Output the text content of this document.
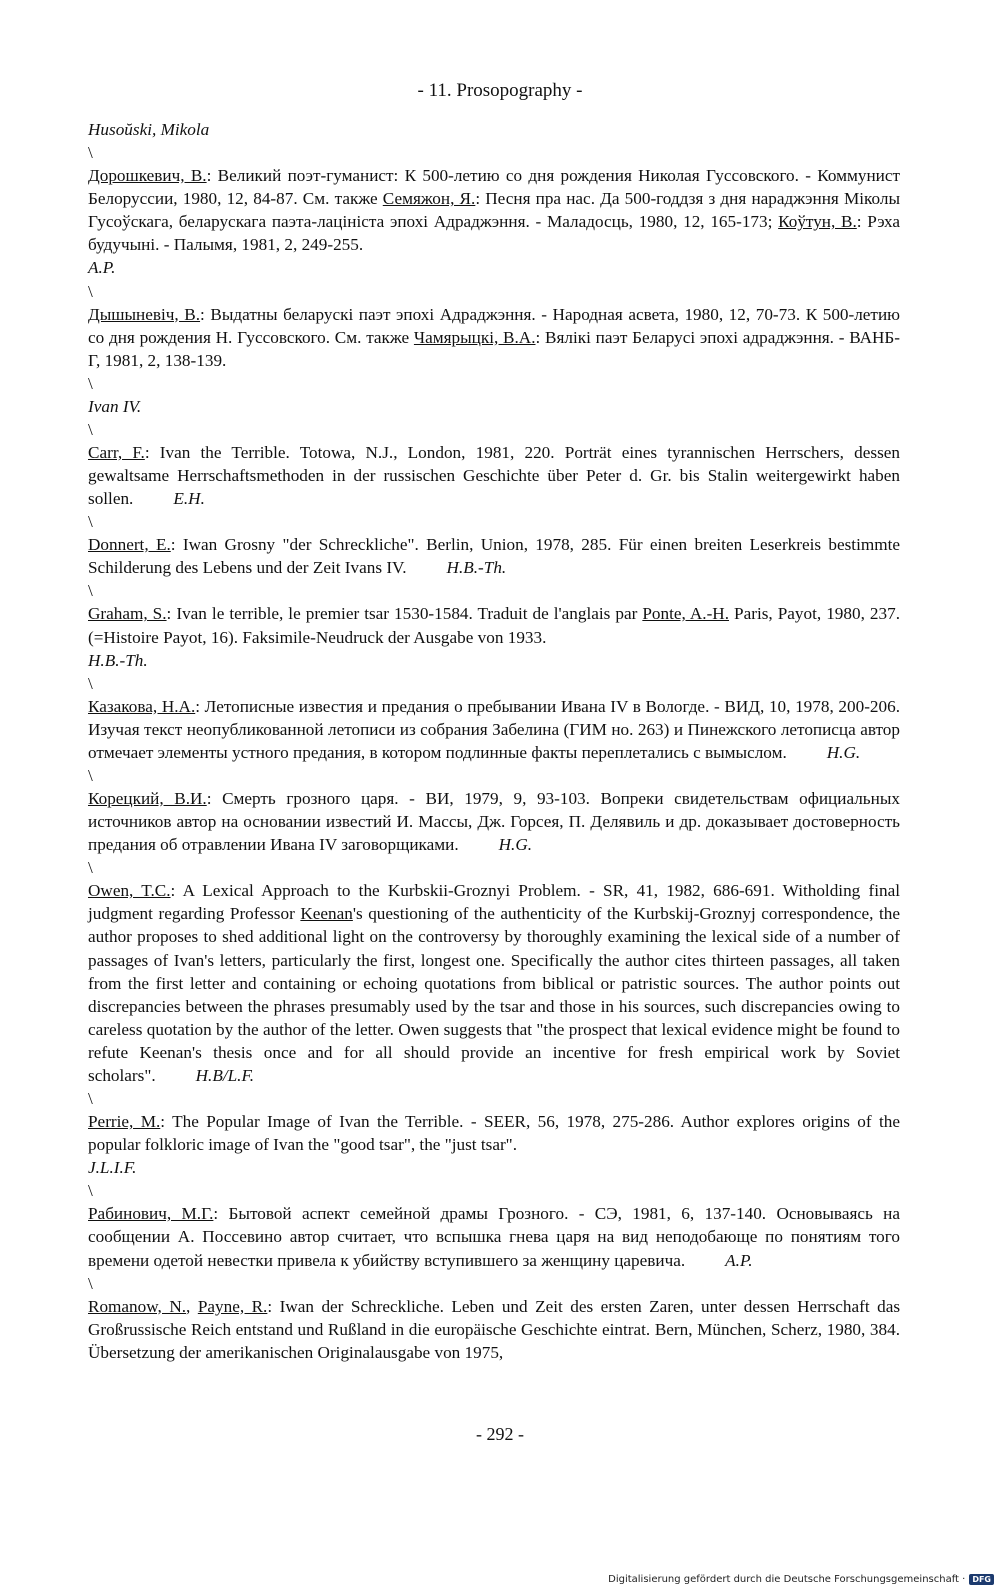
- 11. Prosopography -
Husoŭski, Mikola
\
Дорошкевич, В.: Великий поэт-гуманист: К 500-летию со дня рождения Николая Гуссовского. - Коммунист Белоруссии, 1980, 12, 84-87. См. также Семяжон, Я.: Песня пра нас. Да 500-годдзя з дня нараджэння Міколы Гусоўскага, беларускага паэта-лацініста эпохі Адраджэння. - Маладосць, 1980, 12, 165-173; Коўтун, В.: Рэха будучыні. - Палымя, 1981, 2, 249-255.
A.P.
\
Дышыневіч, В.: Выдатны беларускі паэт эпохі Адраджэння. - Народная асвета, 1980, 12, 70-73. К 500-летию со дня рождения Н. Гуссовского. См. также Чамярыцкі, В.А.: Вялікі паэт Беларусі эпохі адраджэння. - ВАНБ-Г, 1981, 2, 138-139.
\
Ivan IV.
\
Carr, F.: Ivan the Terrible. Totowa, N.J., London, 1981, 220. Porträt eines tyrannischen Herrschers, dessen gewaltsame Herrschaftsmethoden in der russischen Geschichte über Peter d. Gr. bis Stalin weitergewirkt haben sollen. E.H.
\
Donnert, E.: Iwan Grosny "der Schreckliche". Berlin, Union, 1978, 285. Für einen breiten Leserkreis bestimmte Schilderung des Lebens und der Zeit Ivans IV. H.B.-Th.
\
Graham, S.: Ivan le terrible, le premier tsar 1530-1584. Traduit de l'anglais par Ponte, A.-H. Paris, Payot, 1980, 237. (=Histoire Payot, 16). Faksimile-Neudruck der Ausgabe von 1933.
H.B.-Th.
\
Казакова, Н.А.: Летописные известия и предания о пребывании Ивана IV в Вологде. - ВИД, 10, 1978, 200-206. Изучая текст неопубликованной летописи из собрания Забелина (ГИМ но. 263) и Пинежского летописца автор отмечает элементы устного предания, в котором подлинные факты переплетались с вымыслом. H.G.
\
Корецкий, В.И.: Смерть грозного царя. - ВИ, 1979, 9, 93-103. Вопреки свидетельствам официальных источников автор на основании известий И. Массы, Дж. Горсея, П. Делявиль и др. доказывает достоверность предания об отравлении Ивана IV заговорщиками. H.G.
\
Owen, T.C.: A Lexical Approach to the Kurbskii-Groznyi Problem. - SR, 41, 1982, 686-691. Witholding final judgment regarding Professor Keenan's questioning of the authenticity of the Kurbskij-Groznyj correspondence, the author proposes to shed additional light on the controversy by thoroughly examining the lexical side of a number of passages of Ivan's letters, particularly the first, longest one. Specifically the author cites thirteen passages, all taken from the first letter and containing or echoing quotations from biblical or patristic sources. The author points out discrepancies between the phrases presumably used by the tsar and those in his sources, such discrepancies owing to careless quotation by the author of the letter. Owen suggests that "the prospect that lexical evidence might be found to refute Keenan's thesis once and for all should provide an incentive for fresh empirical work by Soviet scholars". H.B/L.F.
\
Perrie, M.: The Popular Image of Ivan the Terrible. - SEER, 56, 1978, 275-286. Author explores origins of the popular folkloric image of Ivan the "good tsar", the "just tsar".
J.L.I.F.
\
Рабинович, М.Г.: Бытовой аспект семейной драмы Грозного. - СЭ, 1981, 6, 137-140. Основываясь на сообщении А. Поссевино автор считает, что вспышка гнева царя на вид неподобающе по понятиям того времени одетой невестки привела к убийству вступившего за женщину царевича. A.P.
\
Romanow, N., Payne, R.: Iwan der Schreckliche. Leben und Zeit des ersten Zaren, unter dessen Herrschaft das Großrussische Reich entstand und Rußland in die europäische Geschichte eintrat. Bern, München, Scherz, 1980, 384. Übersetzung der amerikanischen Originalausgabe von 1975,
- 292 -
Digitalisierung gefördert durch die Deutsche Forschungsgemeinschaft · DFG
